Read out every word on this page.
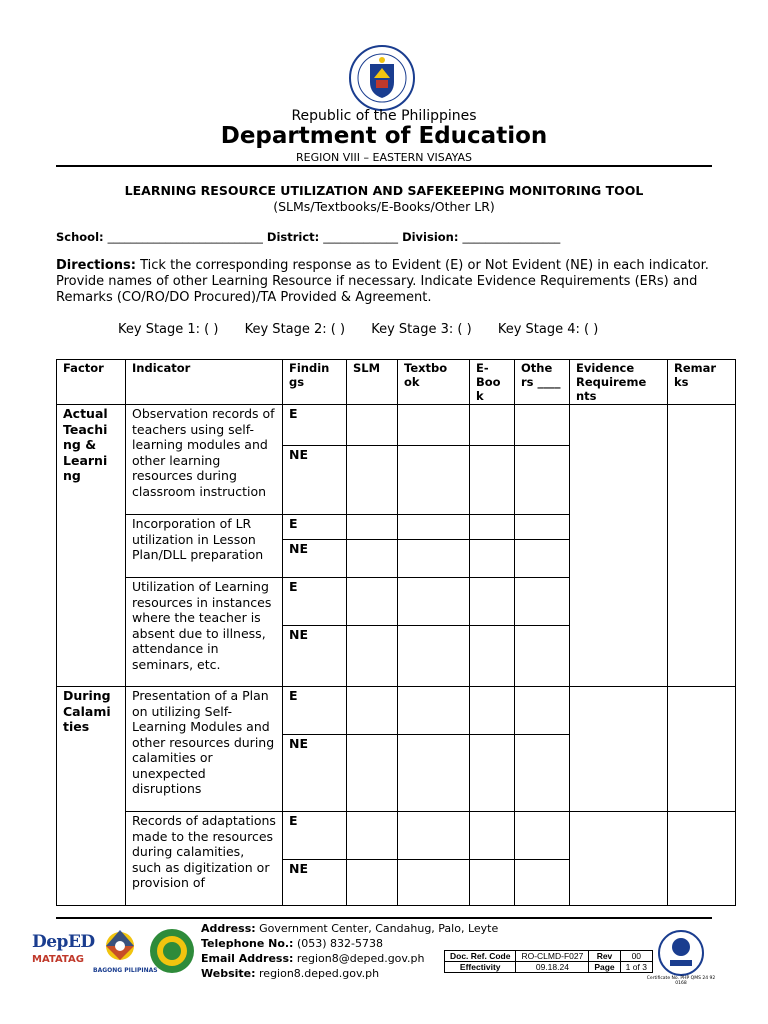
Republic of the Philippines
Department of Education
REGION VIII – EASTERN VISAYAS
LEARNING RESOURCE UTILIZATION AND SAFEKEEPING MONITORING TOOL
(SLMs/Textbooks/E-Books/Other LR)
School: ___________________________ District: _____________ Division: _________________
Directions: Tick the corresponding response as to Evident (E) or Not Evident (NE) in each indicator. Provide names of other Learning Resource if necessary. Indicate Evidence Requirements (ERs) and Remarks (CO/RO/DO Procured)/TA Provided & Agreement.
Key Stage 1: ( ) Key Stage 2: ( ) Key Stage 3: ( ) Key Stage 4: ( )
Factor	Indicator	Findin gs	SLM	Textbo ok	E-Boo k	Othe rs ____	Evidence Requireme nts	Remar ks
Actual Teachi ng & Learni ng	Observation records of teachers using self-learning modules and other learning resources during classroom instruction	E						
		NE						
	Incorporation of LR utilization in Lesson Plan/DLL preparation	E						
		NE						
	Utilization of Learning resources in instances where the teacher is absent due to illness, attendance in seminars, etc.	E						
		NE						
During Calami ties	Presentation of a Plan on utilizing Self-Learning Modules and other resources during calamities or unexpected disruptions	E						
		NE						
	Records of adaptations made to the resources during calamities, such as digitization or provision of	E						
		NE						
DepED
MATATAG
BAGONG PILIPINAS
Address: Government Center, Candahug, Palo, Leyte
Telephone No.: (053) 832-5738
Email Address: region8@deped.gov.ph
Website: region8.deped.gov.ph
Doc. Ref. Code	RO-CLMD-F027	Rev	00
Effectivity	09.18.24	Page	1 of 3
Certificate No. PHP QMS 24 92 0168
